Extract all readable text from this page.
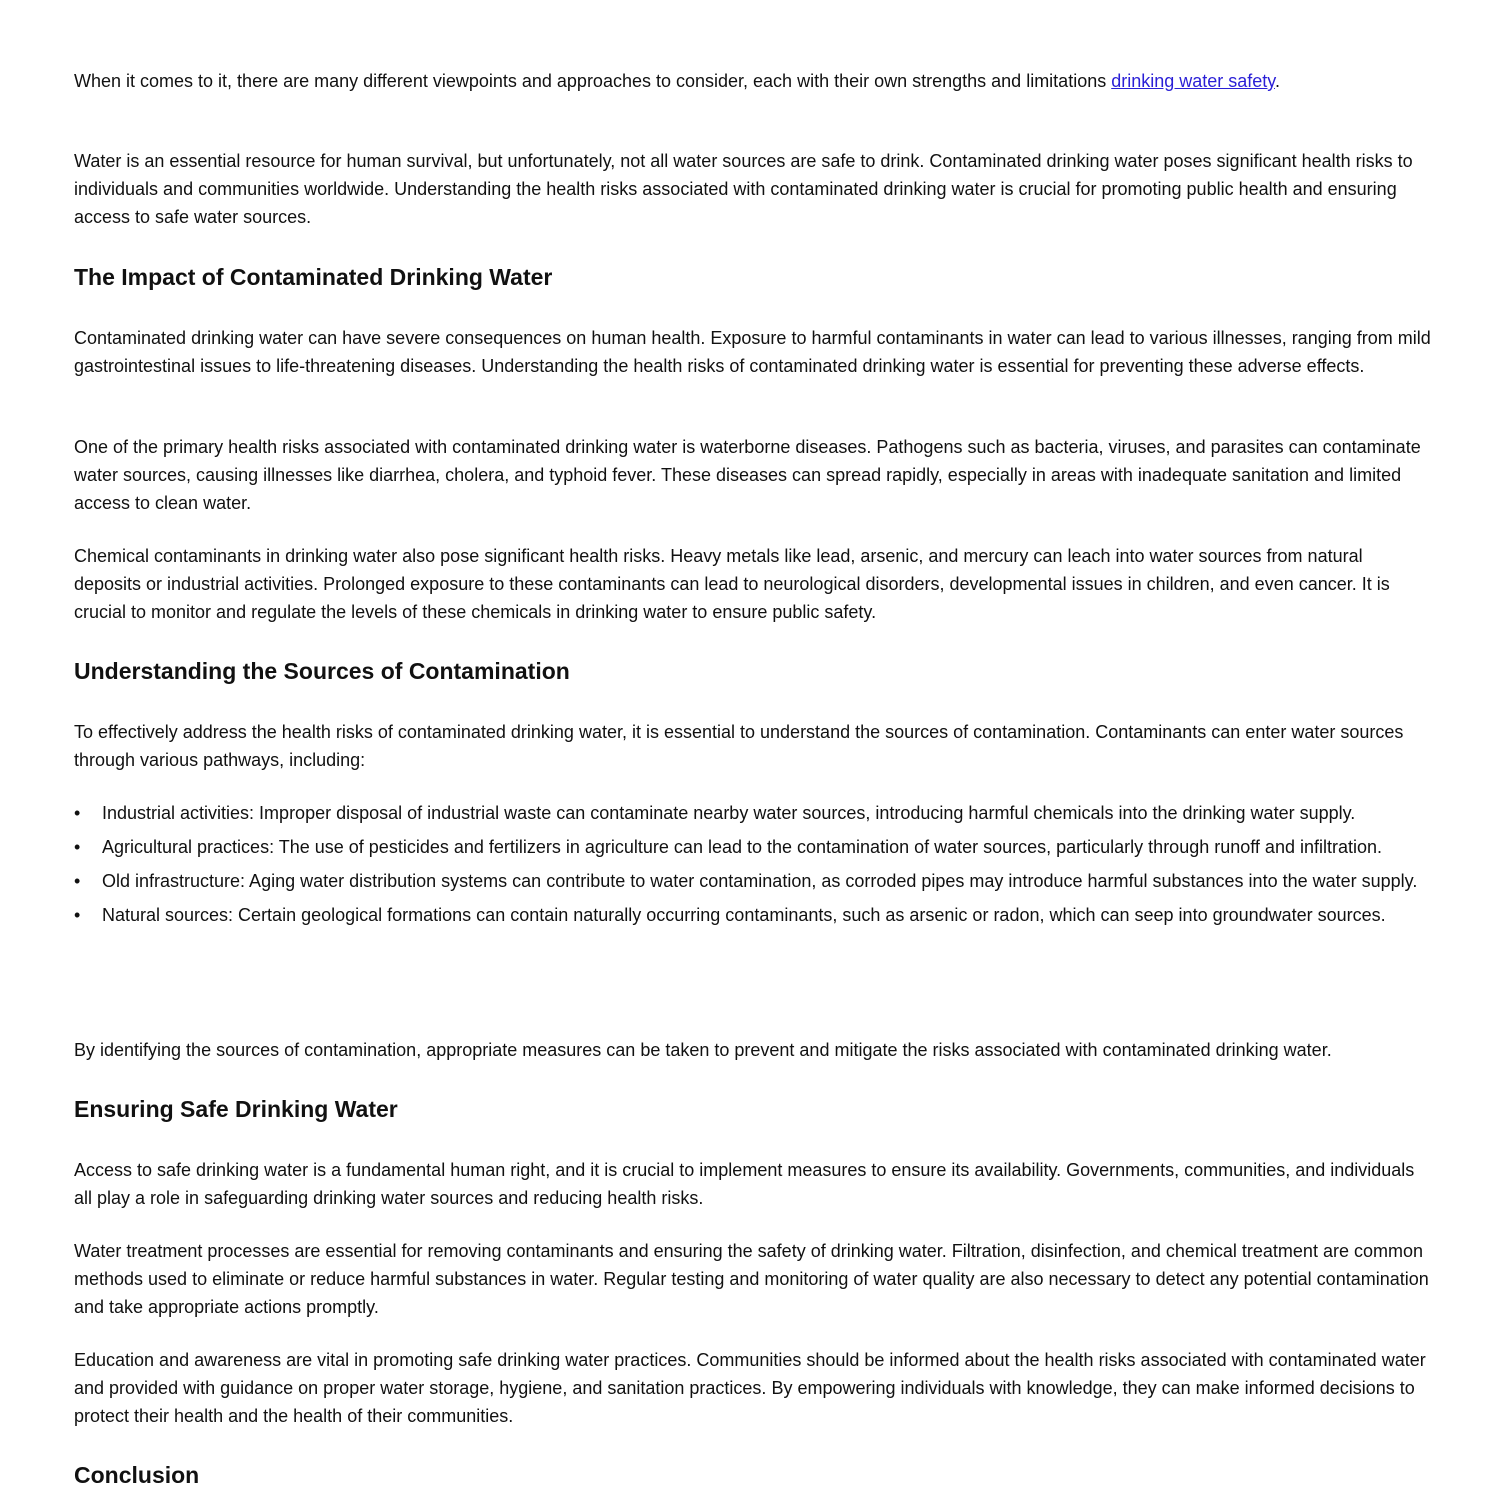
When it comes to it, there are many different viewpoints and approaches to consider, each with their own strengths and limitations drinking water safety.

Water is an essential resource for human survival, but unfortunately, not all water sources are safe to drink. Contaminated drinking water poses significant health risks to individuals and communities worldwide. Understanding the health risks associated with contaminated drinking water is crucial for promoting public health and ensuring access to safe water sources.

The Impact of Contaminated Drinking Water

Contaminated drinking water can have severe consequences on human health. Exposure to harmful contaminants in water can lead to various illnesses, ranging from mild gastrointestinal issues to life-threatening diseases. Understanding the health risks of contaminated drinking water is essential for preventing these adverse effects.

One of the primary health risks associated with contaminated drinking water is waterborne diseases. Pathogens such as bacteria, viruses, and parasites can contaminate water sources, causing illnesses like diarrhea, cholera, and typhoid fever. These diseases can spread rapidly, especially in areas with inadequate sanitation and limited access to clean water.

Chemical contaminants in drinking water also pose significant health risks. Heavy metals like lead, arsenic, and mercury can leach into water sources from natural deposits or industrial activities. Prolonged exposure to these contaminants can lead to neurological disorders, developmental issues in children, and even cancer. It is crucial to monitor and regulate the levels of these chemicals in drinking water to ensure public safety.

Understanding the Sources of Contamination

To effectively address the health risks of contaminated drinking water, it is essential to understand the sources of contamination. Contaminants can enter water sources through various pathways, including:

• Industrial activities: Improper disposal of industrial waste can contaminate nearby water sources, introducing harmful chemicals into the drinking water supply.
• Agricultural practices: The use of pesticides and fertilizers in agriculture can lead to the contamination of water sources, particularly through runoff and infiltration.
• Old infrastructure: Aging water distribution systems can contribute to water contamination, as corroded pipes may introduce harmful substances into the water supply.
• Natural sources: Certain geological formations can contain naturally occurring contaminants, such as arsenic or radon, which can seep into groundwater sources.

By identifying the sources of contamination, appropriate measures can be taken to prevent and mitigate the risks associated with contaminated drinking water.

Ensuring Safe Drinking Water

Access to safe drinking water is a fundamental human right, and it is crucial to implement measures to ensure its availability. Governments, communities, and individuals all play a role in safeguarding drinking water sources and reducing health risks.

Water treatment processes are essential for removing contaminants and ensuring the safety of drinking water. Filtration, disinfection, and chemical treatment are common methods used to eliminate or reduce harmful substances in water. Regular testing and monitoring of water quality are also necessary to detect any potential contamination and take appropriate actions promptly.

Education and awareness are vital in promoting safe drinking water practices. Communities should be informed about the health risks associated with contaminated water and provided with guidance on proper water storage, hygiene, and sanitation practices. By empowering individuals with knowledge, they can make informed decisions to protect their health and the health of their communities.

Conclusion
